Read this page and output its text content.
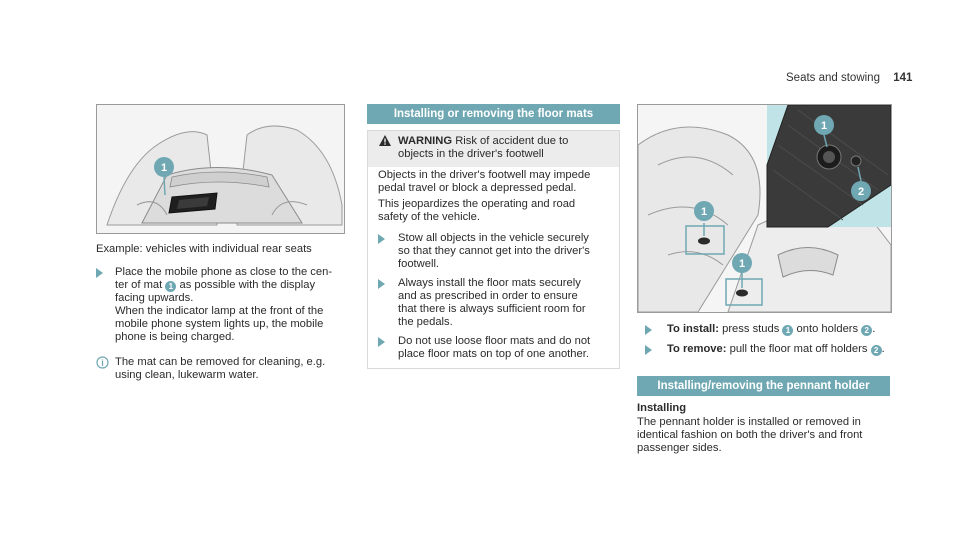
Seats and stowing 141
1
Example: vehicles with individual rear seats
Place the mobile phone as close to the cen-
ter of mat 1 as possible with the display
facing upwards.
When the indicator lamp at the front of the
mobile phone system lights up, the mobile
phone is being charged.
i The mat can be removed for cleaning, e.g.
using clean, lukewarm water.
Installing or removing the floor mats
WARNING Risk of accident due to
objects in the driver's footwell
Objects in the driver's footwell may impede
pedal travel or block a depressed pedal.
This jeopardizes the operating and road
safety of the vehicle.
Stow all objects in the vehicle securely
so that they cannot get into the driver's
footwell.
Always install the floor mats securely
and as prescribed in order to ensure
that there is always sufficient room for
the pedals.
Do not use loose floor mats and do not
place floor mats on top of one another.
1
2
1
1
To install: press studs 1 onto holders 2 .
To remove: pull the floor mat off holders 2 .
Installing/removing the pennant holder
Installing
The pennant holder is installed or removed in
identical fashion on both the driver's and front
passenger sides.
